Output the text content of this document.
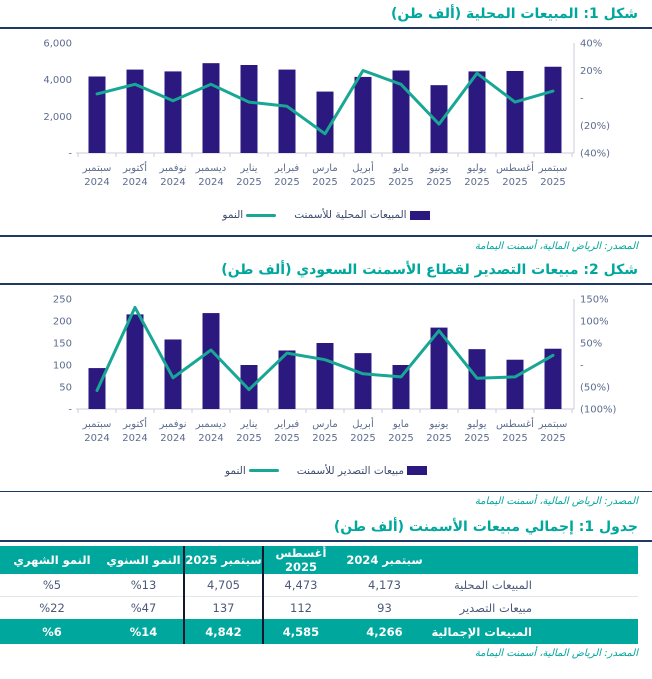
شكل 1: المبيعات المحلية (ألف طن)
6,000
4,000
2,000
-
40%
20%
-
(20%)
(40%)
سبتمبر 2024
أكتوبر 2024
نوفمبر 2024
ديسمبر 2024
يناير 2025
فبراير 2025
مارس 2025
أبريل 2025
مايو 2025
يونيو 2025
يوليو 2025
أغسطس 2025
سبتمبر 2025
المبيعات المحلية للأسمنت
النمو
المصدر: الرياض المالية، أسمنت اليمامة
شكل 2: مبيعات التصدير لقطاع الأسمنت السعودي (ألف طن)
250
200
150
100
50
-
150%
100%
50%
-
(50%)
(100%)
سبتمبر 2024
أكتوبر 2024
نوفمبر 2024
ديسمبر 2024
يناير 2025
فبراير 2025
مارس 2025
أبريل 2025
مايو 2025
يونيو 2025
يوليو 2025
أغسطس 2025
سبتمبر 2025
مبيعات التصدير للأسمنت
النمو
المصدر: الرياض المالية، أسمنت اليمامة
جدول 1: إجمالي مبيعات الأسمنت (ألف طن)
	سبتمبر 2024	أغسطس 2025	سبتمبر 2025	النمو السنوي	النمو الشهري
المبيعات المحلية	4,173	4,473	4,705	%13	%5
مبيعات التصدير	93	112	137	%47	%22
المبيعات الإجمالية	4,266	4,585	4,842	%14	%6
المصدر: الرياض المالية، أسمنت اليمامة
